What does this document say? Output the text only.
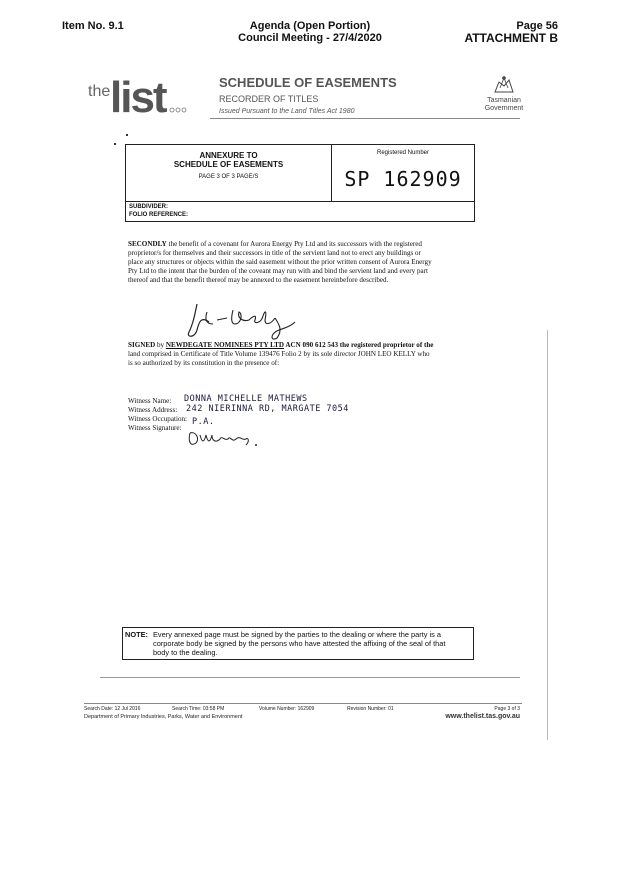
Item No. 9.1	Agenda (Open Portion)
Council Meeting - 27/4/2020
Page 56
ATTACHMENT B
the list	SCHEDULE OF EASEMENTS
RECORDER OF TITLES
Issued Pursuant to the Land Titles Act 1980
Tasmanian
Government
ANNEXURE TO
SCHEDULE OF EASEMENTS
PAGE 3 OF 3 PAGE/S
Registered Number
SP 162909
SUBDIVIDER:
FOLIO REFERENCE:
SECONDLY the benefit of a covenant for Aurora Energy Pty Ltd and its successors with the registered
proprietor/s for themselves and their successors in title of the servient land not to erect any buildings or
place any structures or objects within the said easement without the prior written consent of Aurora Energy
Pty Ltd to the intent that the burden of the coveant may run with and bind the servient land and every part
thereof and that the benefit thereof may be annexed to the easement hereinbefore described.
SIGNED by NEWDEGATE NOMINEES PTY LTD ACN 090 612 543 the registered proprietor of the
land comprised in Certificate of Title Volume 139476 Folio 2 by its sole director JOHN LEO KELLY who
is so authorized by its constitution in the presence of:
Witness Name: DONNA MICHELLE MATHEWS
Witness Address: 242 NIERINNA RD, MARGATE 7054
Witness Occupation: P.A.
Witness Signature:
NOTE: Every annexed page must be signed by the parties to the dealing or where the party is a
corporate body be signed by the persons who have attested the affixing of the seal of that
body to the dealing.
Search Date: 12 Jul 2016	Search Time: 03:58 PM	Volume Number: 162909	Revision Number: 01	Page 3 of 3
Department of Primary Industries, Parks, Water and Environment	www.thelist.tas.gov.au
